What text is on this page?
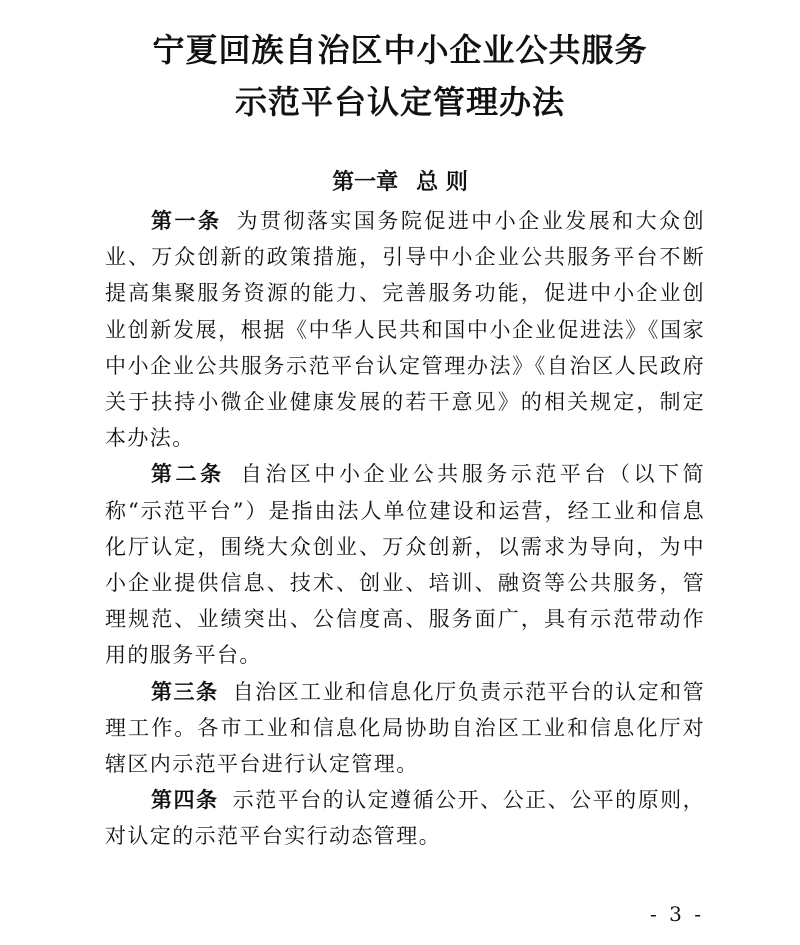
宁夏回族自治区中小企业公共服务
示范平台认定管理办法
第一章 总 则

第一条 为贯彻落实国务院促进中小企业发展和大众创业、万众创新的政策措施，引导中小企业公共服务平台不断提高集聚服务资源的能力、完善服务功能，促进中小企业创业创新发展，根据《中华人民共和国中小企业促进法》《国家中小企业公共服务示范平台认定管理办法》《自治区人民政府关于扶持小微企业健康发展的若干意见》的相关规定，制定本办法。

第二条 自治区中小企业公共服务示范平台（以下简称“示范平台”）是指由法人单位建设和运营，经工业和信息化厅认定，围绕大众创业、万众创新，以需求为导向，为中小企业提供信息、技术、创业、培训、融资等公共服务，管理规范、业绩突出、公信度高、服务面广，具有示范带动作用的服务平台。

第三条 自治区工业和信息化厅负责示范平台的认定和管理工作。各市工业和信息化局协助自治区工业和信息化厅对辖区内示范平台进行认定管理。

第四条 示范平台的认定遵循公开、公正、公平的原则，对认定的示范平台实行动态管理。

- 3 -
